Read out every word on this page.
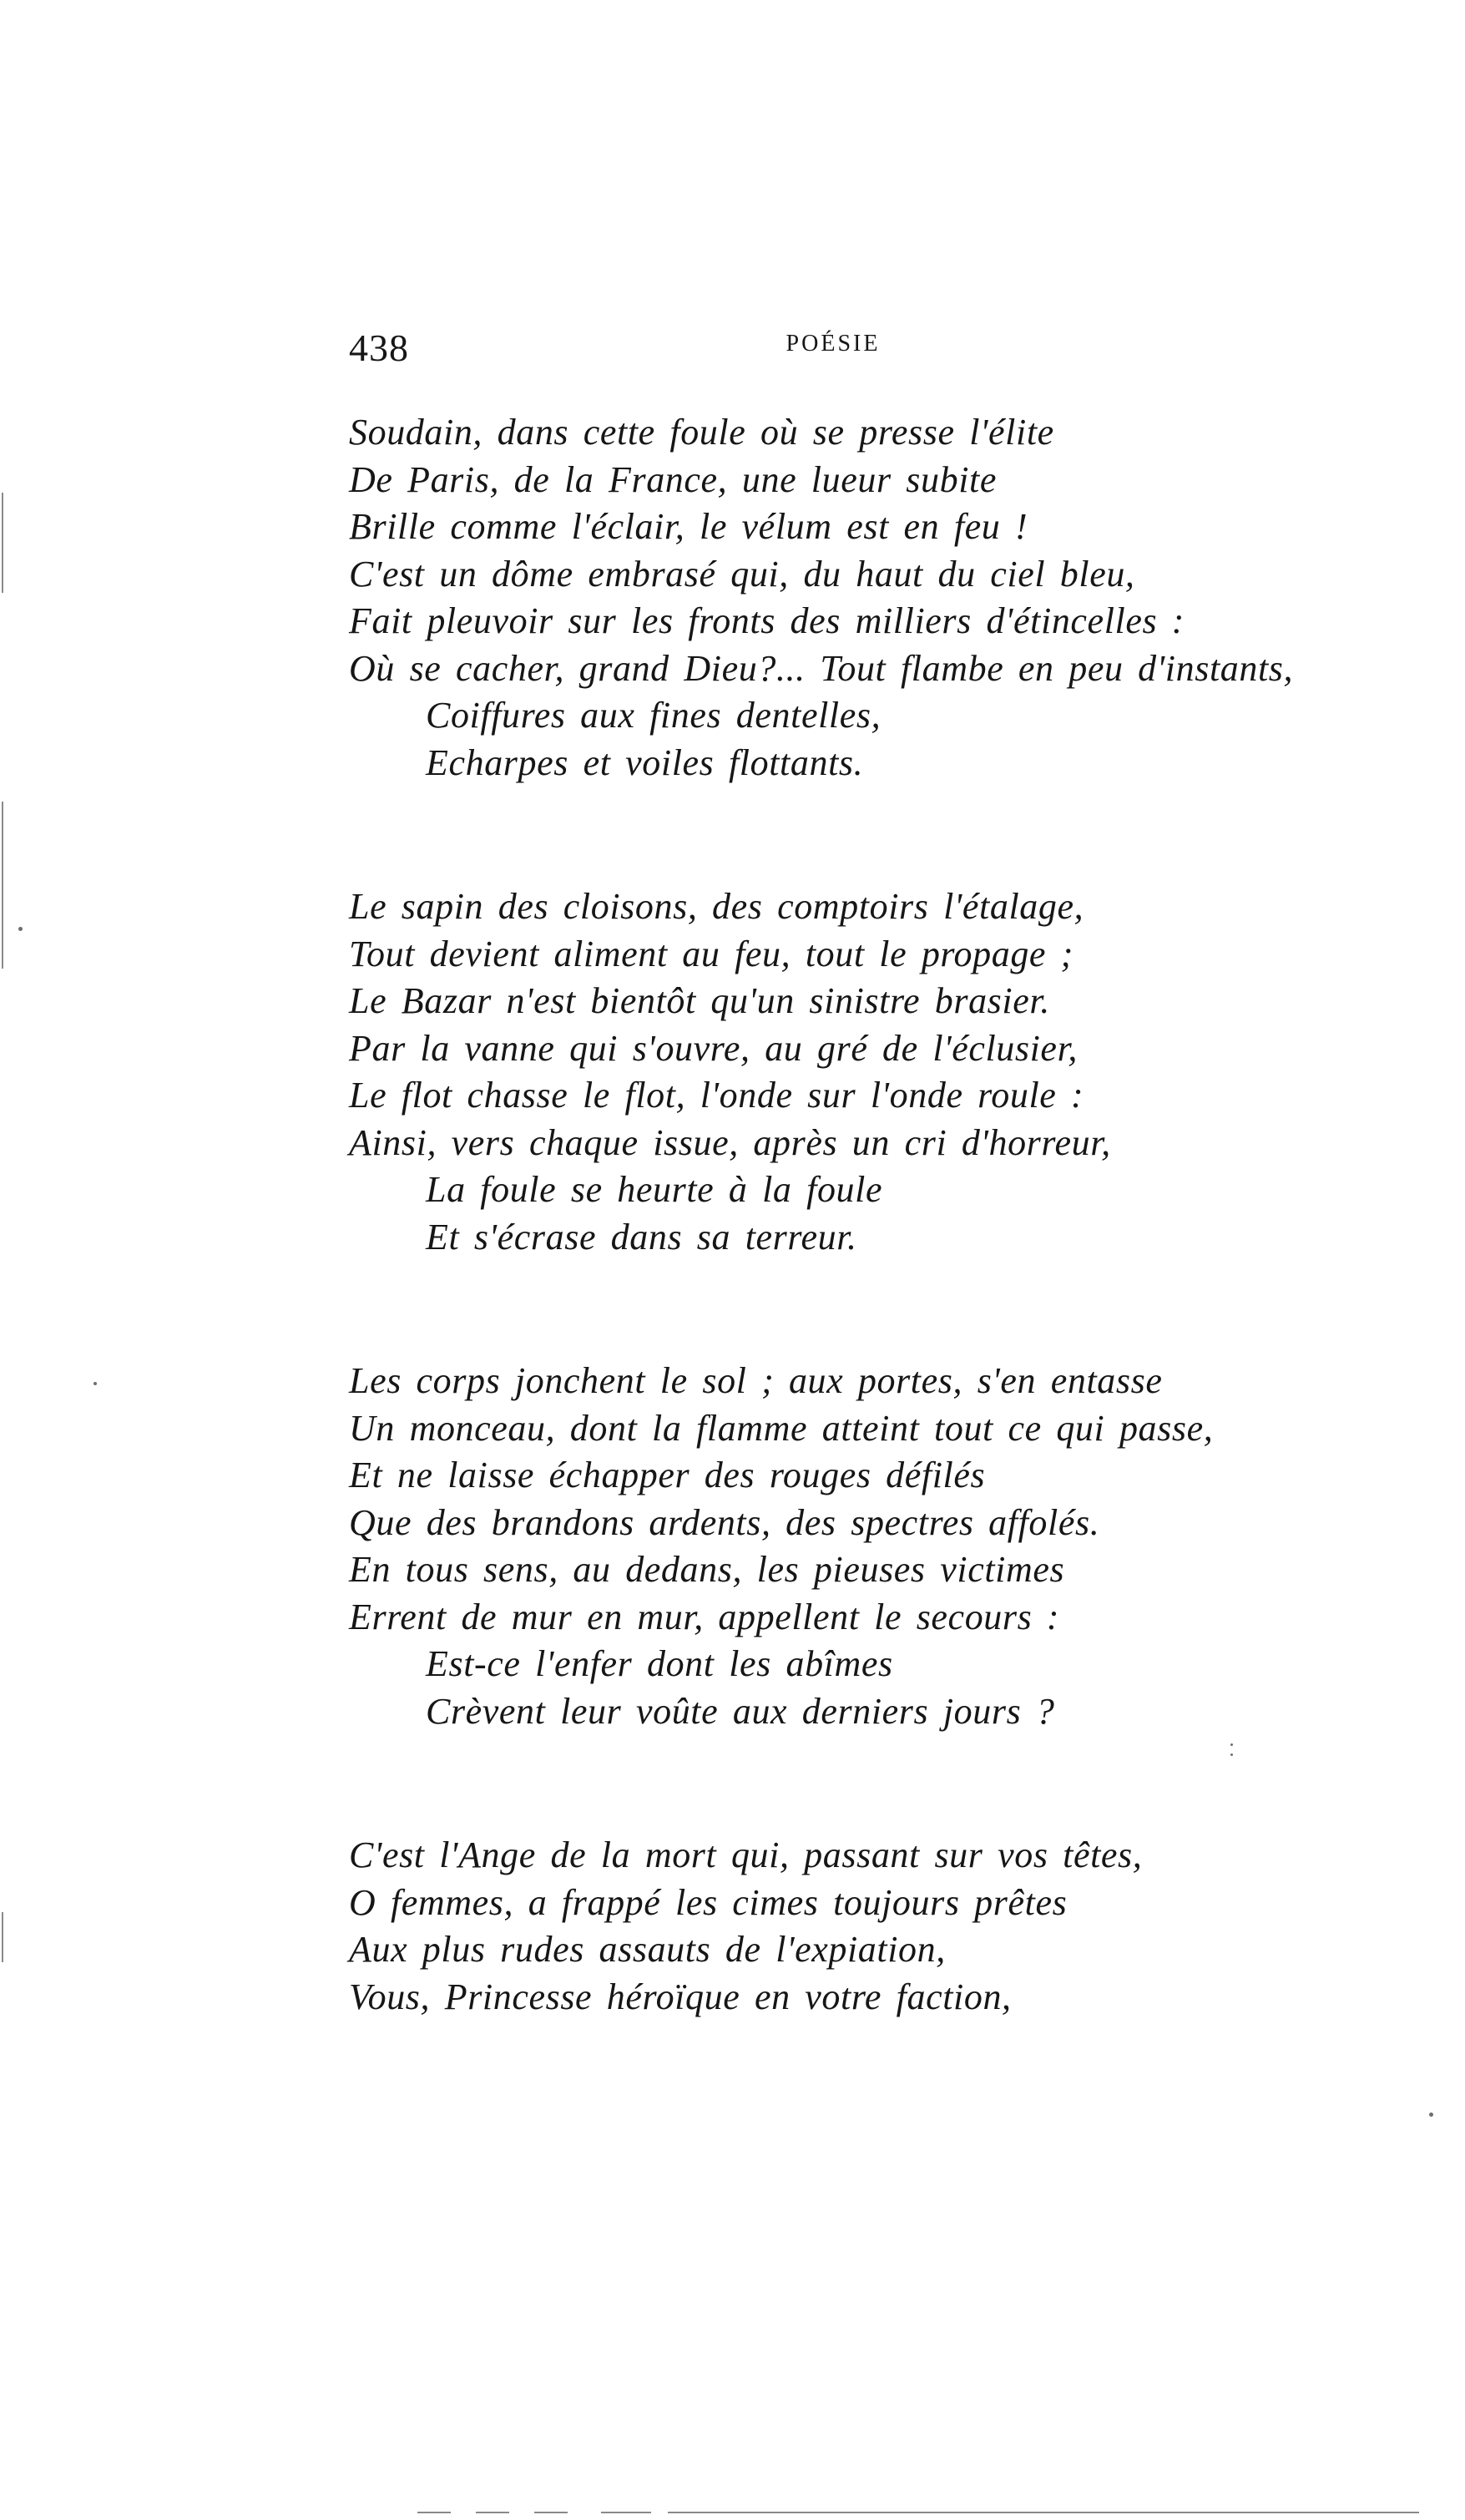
438	POÉSIE
Soudain, dans cette foule où se presse l'élite
De Paris, de la France, une lueur subite
Brille comme l'éclair, le vélum est en feu !
C'est un dôme embrasé qui, du haut du ciel bleu,
Fait pleuvoir sur les fronts des milliers d'étincelles :
Où se cacher, grand Dieu?... Tout flambe en peu d'instants,
Coiffures aux fines dentelles,
Echarpes et voiles flottants.
Le sapin des cloisons, des comptoirs l'étalage,
Tout devient aliment au feu, tout le propage ;
Le Bazar n'est bientôt qu'un sinistre brasier.
Par la vanne qui s'ouvre, au gré de l'éclusier,
Le flot chasse le flot, l'onde sur l'onde roule :
Ainsi, vers chaque issue, après un cri d'horreur,
La foule se heurte à la foule
Et s'écrase dans sa terreur.
Les corps jonchent le sol ; aux portes, s'en entasse
Un monceau, dont la flamme atteint tout ce qui passe,
Et ne laisse échapper des rouges défilés
Que des brandons ardents, des spectres affolés.
En tous sens, au dedans, les pieuses victimes
Errent de mur en mur, appellent le secours :
Est-ce l'enfer dont les abîmes
Crèvent leur voûte aux derniers jours ?
C'est l'Ange de la mort qui, passant sur vos têtes,
O femmes, a frappé les cimes toujours prêtes
Aux plus rudes assauts de l'expiation,
Vous, Princesse héroïque en votre faction,
